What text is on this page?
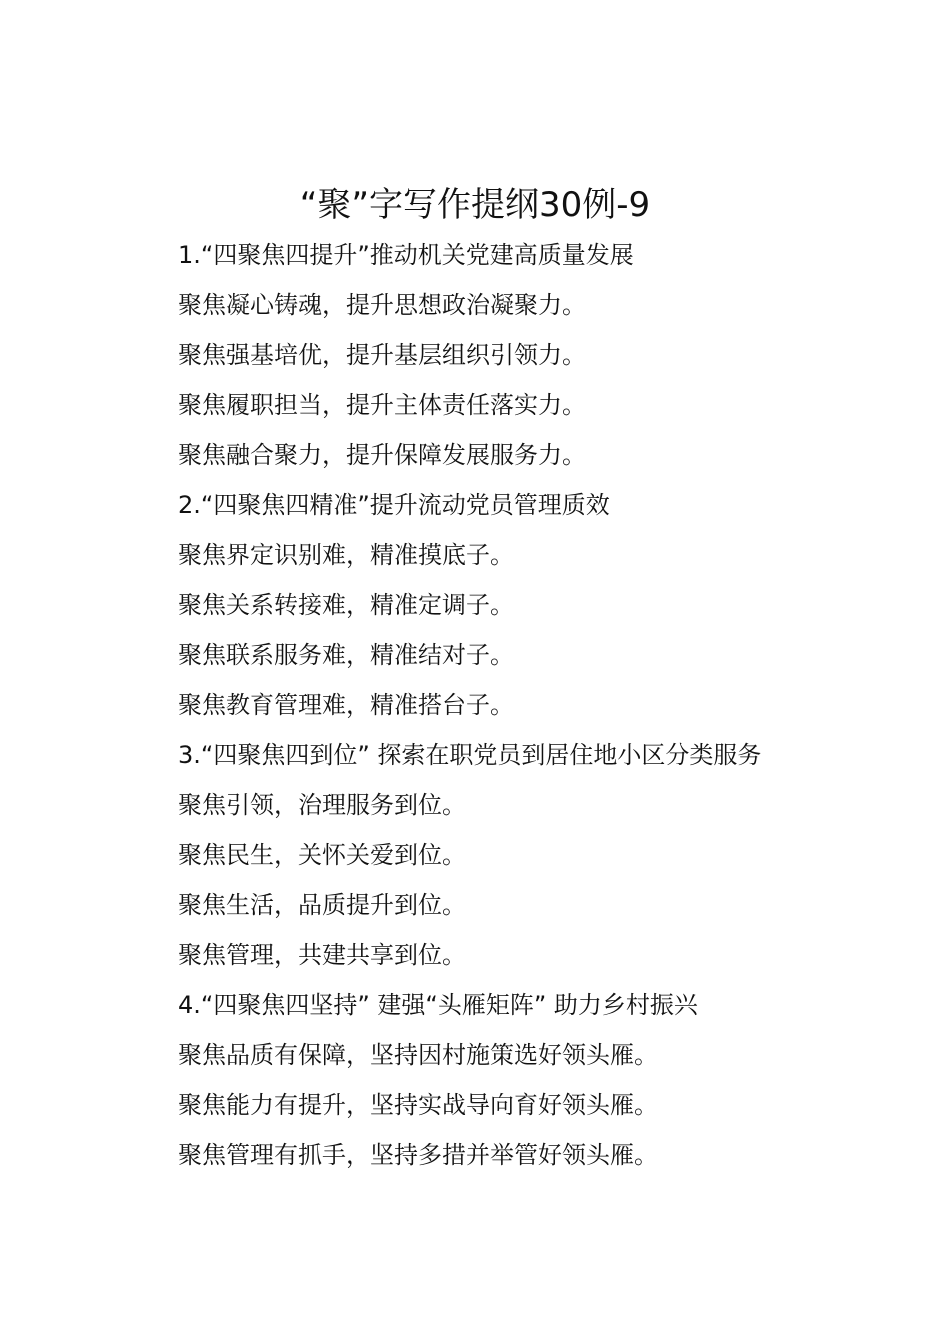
“聚”字写作提纲30例-9
1.“四聚焦四提升”推动机关党建高质量发展
聚焦凝心铸魂，提升思想政治凝聚力。
聚焦强基培优，提升基层组织引领力。
聚焦履职担当，提升主体责任落实力。
聚焦融合聚力，提升保障发展服务力。
2.“四聚焦四精准”提升流动党员管理质效
聚焦界定识别难，精准摸底子。
聚焦关系转接难，精准定调子。
聚焦联系服务难，精准结对子。
聚焦教育管理难，精准搭台子。
3.“四聚焦四到位” 探索在职党员到居住地小区分类服务
聚焦引领，治理服务到位。
聚焦民生，关怀关爱到位。
聚焦生活，品质提升到位。
聚焦管理，共建共享到位。
4.“四聚焦四坚持” 建强“头雁矩阵” 助力乡村振兴
聚焦品质有保障，坚持因村施策选好领头雁。
聚焦能力有提升，坚持实战导向育好领头雁。
聚焦管理有抓手，坚持多措并举管好领头雁。
